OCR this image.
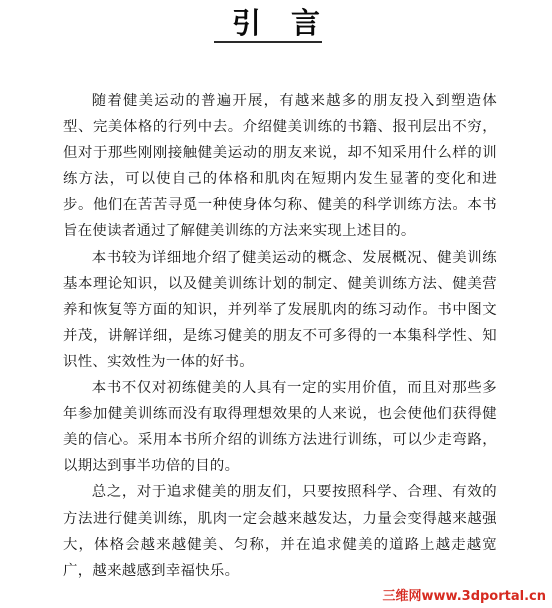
引言

随着健美运动的普遍开展，有越来越多的朋友投入到塑造体型、完美体格的行列中去。介绍健美训练的书籍、报刊层出不穷，但对于那些刚刚接触健美运动的朋友来说，却不知采用什么样的训练方法，可以使自己的体格和肌肉在短期内发生显著的变化和进步。他们在苦苦寻觅一种使身体匀称、健美的科学训练方法。本书旨在使读者通过了解健美训练的方法来实现上述目的。

本书较为详细地介绍了健美运动的概念、发展概况、健美训练基本理论知识，以及健美训练计划的制定、健美训练方法、健美营养和恢复等方面的知识，并列举了发展肌肉的练习动作。书中图文并茂，讲解详细，是练习健美的朋友不可多得的一本集科学性、知识性、实效性为一体的好书。

本书不仅对初练健美的人具有一定的实用价值，而且对那些多年参加健美训练而没有取得理想效果的人来说，也会使他们获得健美的信心。采用本书所介绍的训练方法进行训练，可以少走弯路，以期达到事半功倍的目的。

总之，对于追求健美的朋友们，只要按照科学、合理、有效的方法进行健美训练，肌肉一定会越来越发达，力量会变得越来越强大，体格会越来越健美、匀称，并在追求健美的道路上越走越宽广，越来越感到幸福快乐。

三维网www.3dportal.cn
